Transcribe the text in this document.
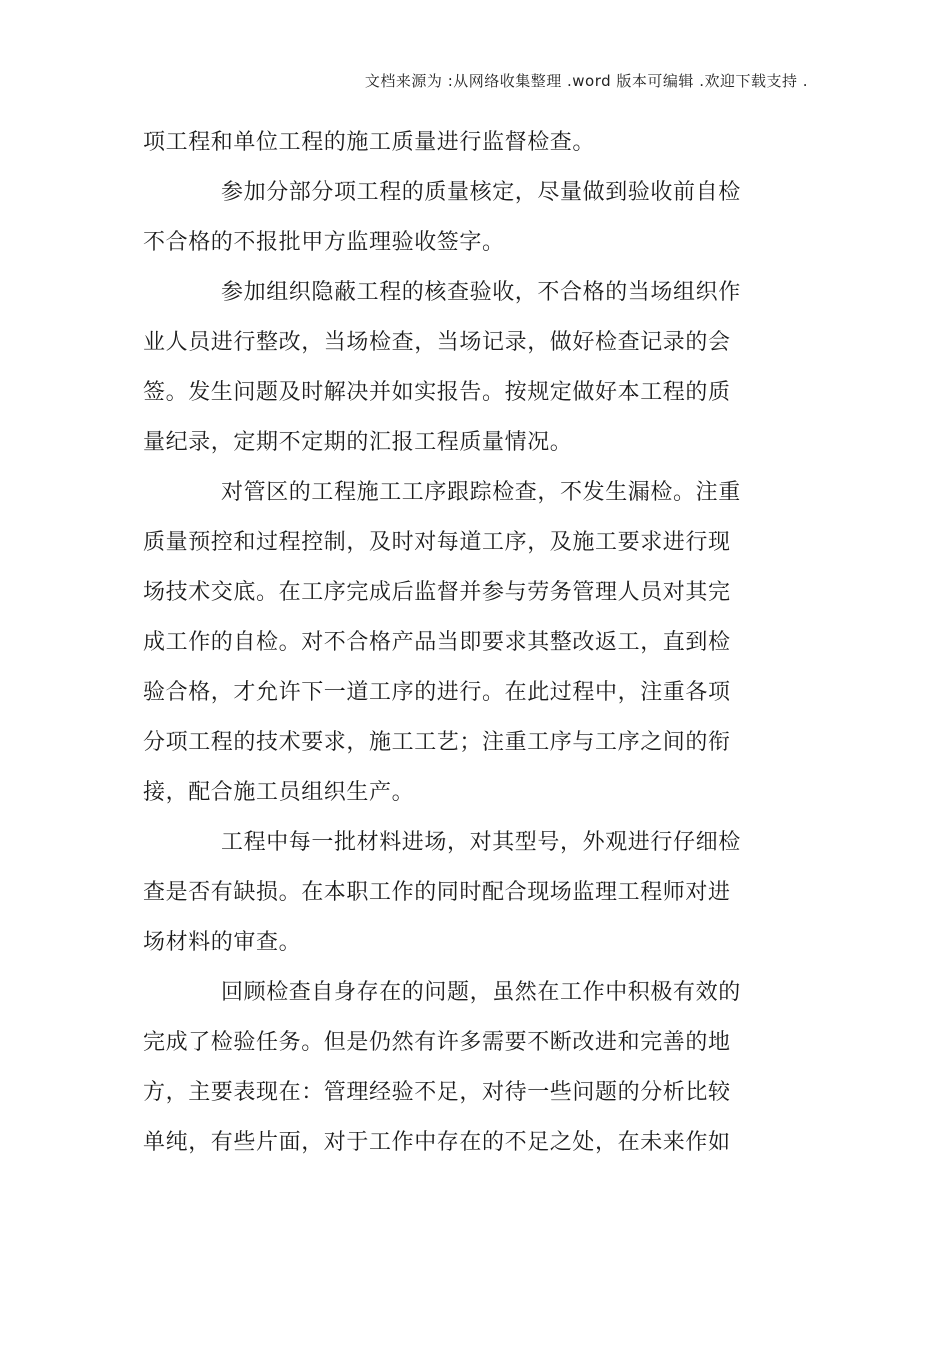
文档来源为 :从网络收集整理 .word 版本可编辑 .欢迎下载支持 .
项工程和单位工程的施工质量进行监督检查。
参加分部分项工程的质量核定，尽量做到验收前自检
不合格的不报批甲方监理验收签字。
参加组织隐蔽工程的核查验收，不合格的当场组织作
业人员进行整改，当场检查，当场记录，做好检查记录的会
签。发生问题及时解决并如实报告。按规定做好本工程的质
量纪录，定期不定期的汇报工程质量情况。
对管区的工程施工工序跟踪检查，不发生漏检。注重
质量预控和过程控制，及时对每道工序，及施工要求进行现
场技术交底。在工序完成后监督并参与劳务管理人员对其完
成工作的自检。对不合格产品当即要求其整改返工，直到检
验合格，才允许下一道工序的进行。在此过程中，注重各项
分项工程的技术要求，施工工艺；注重工序与工序之间的衔
接，配合施工员组织生产。
工程中每一批材料进场，对其型号，外观进行仔细检
查是否有缺损。在本职工作的同时配合现场监理工程师对进
场材料的审查。
回顾检查自身存在的问题，虽然在工作中积极有效的
完成了检验任务。但是仍然有许多需要不断改进和完善的地
方，主要表现在：管理经验不足，对待一些问题的分析比较
单纯，有些片面，对于工作中存在的不足之处，在未来作如
